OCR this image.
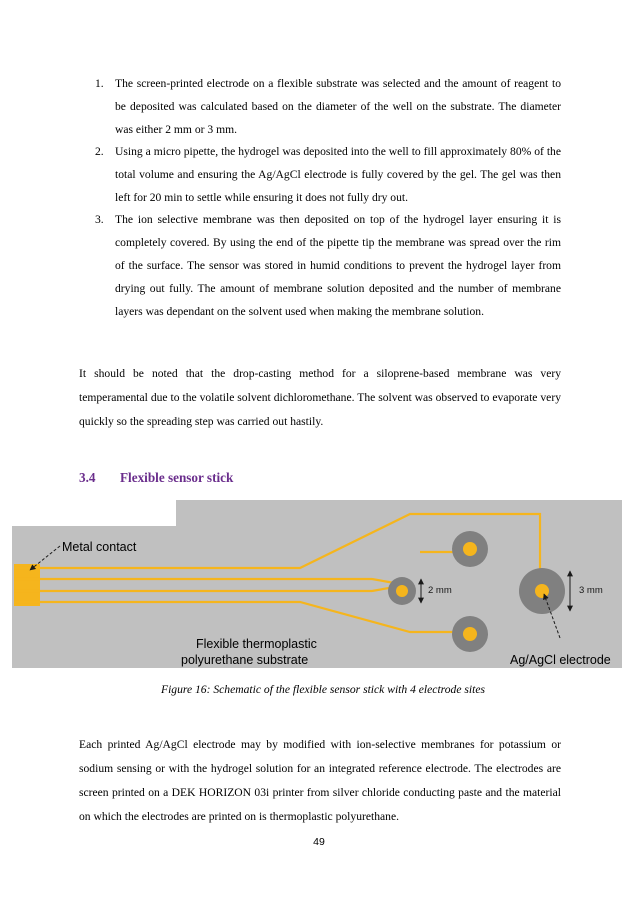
1. The screen-printed electrode on a flexible substrate was selected and the amount of reagent to be deposited was calculated based on the diameter of the well on the substrate. The diameter was either 2 mm or 3 mm.
2. Using a micro pipette, the hydrogel was deposited into the well to fill approximately 80% of the total volume and ensuring the Ag/AgCl electrode is fully covered by the gel. The gel was then left for 20 min to settle while ensuring it does not fully dry out.
3. The ion selective membrane was then deposited on top of the hydrogel layer ensuring it is completely covered. By using the end of the pipette tip the membrane was spread over the rim of the surface. The sensor was stored in humid conditions to prevent the hydrogel layer from drying out fully. The amount of membrane solution deposited and the number of membrane layers was dependant on the solvent used when making the membrane solution.

It should be noted that the drop-casting method for a siloprene-based membrane was very temperamental due to the volatile solvent dichloromethane. The solvent was observed to evaporate very quickly so the spreading step was carried out hastily.

3.4 Flexible sensor stick
2 mm	3 mm
Metal contact
Flexible thermoplastic
polyurethane substrate	Ag/AgCl electrode

Figure 16: Schematic of the flexible sensor stick with 4 electrode sites

Each printed Ag/AgCl electrode may by modified with ion-selective membranes for potassium or sodium sensing or with the hydrogel solution for an integrated reference electrode. The electrodes are screen printed on a DEK HORIZON 03i printer from silver chloride conducting paste and the material on which the electrodes are printed on is thermoplastic polyurethane.

49
